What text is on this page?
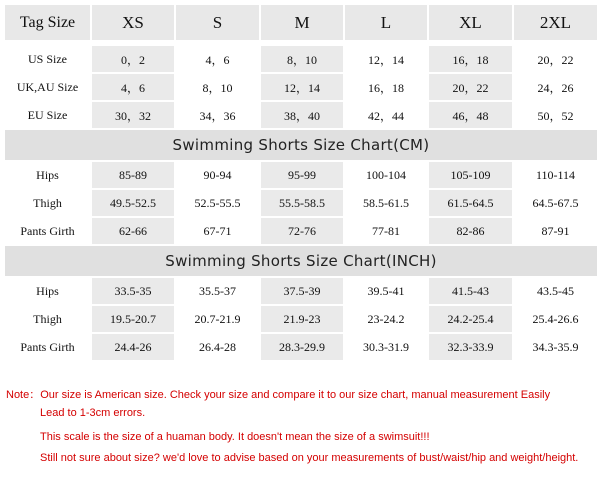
Tag Size	XS	S	M	L	XL	2XL

US Size	0，2	4，6	8，10	12，14	16，18	20，22
UK,AU Size	4，6	8，10	12，14	16，18	20，22	24，26
EU Size	30，32	34，36	38，40	42，44	46，48	50，52
Swimming Shorts Size Chart(CM)						
Hips	85-89	90-94	95-99	100-104	105-109	110-114
Thigh	49.5-52.5	52.5-55.5	55.5-58.5	58.5-61.5	61.5-64.5	64.5-67.5
Pants Girth	62-66	67-71	72-76	77-81	82-86	87-91
Swimming Shorts Size Chart(INCH)						
Hips	33.5-35	35.5-37	37.5-39	39.5-41	41.5-43	43.5-45
Thigh	19.5-20.7	20.7-21.9	21.9-23	23-24.2	24.2-25.4	25.4-26.6
Pants Girth	24.4-26	26.4-28	28.3-29.9	30.3-31.9	32.3-33.9	34.3-35.9
Note：Our size is American size. Check your size and compare it to our size chart, manual measurement Easily
Lead to 1-3cm errors.
This scale is the size of a huaman body. It doesn't mean the size of a swimsuit!!!
Still not sure about size? we'd love to advise based on your measurements of bust/waist/hip and weight/height.
